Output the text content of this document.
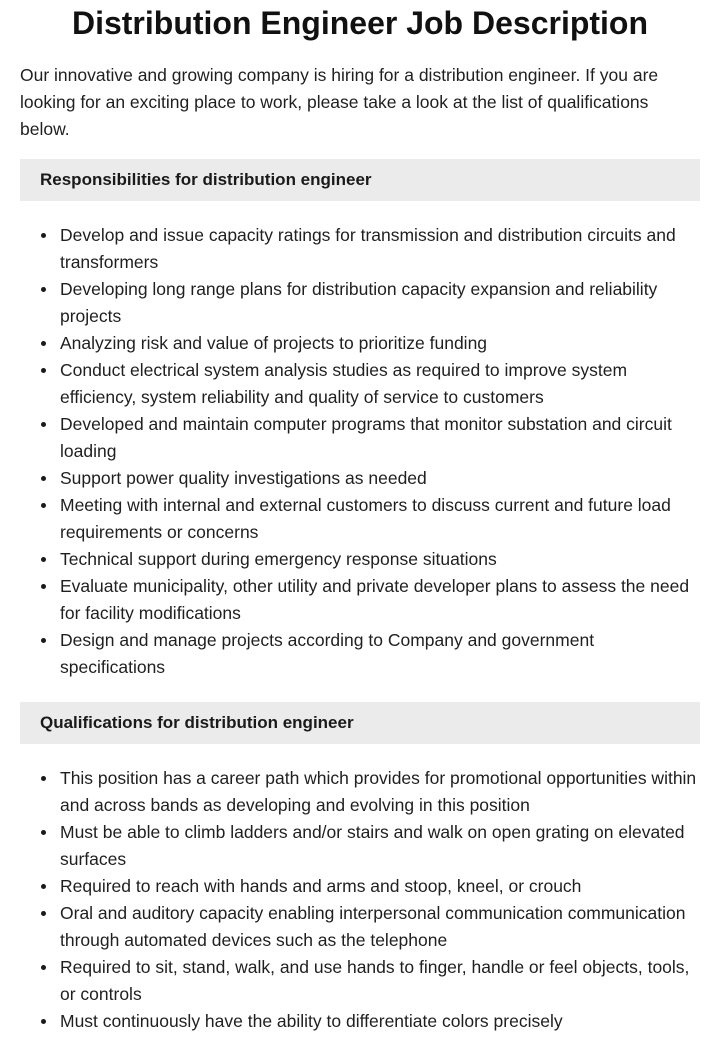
Distribution Engineer Job Description

Our innovative and growing company is hiring for a distribution engineer. If you are looking for an exciting place to work, please take a look at the list of qualifications below.

Responsibilities for distribution engineer
Develop and issue capacity ratings for transmission and distribution circuits and transformers
Developing long range plans for distribution capacity expansion and reliability projects
Analyzing risk and value of projects to prioritize funding
Conduct electrical system analysis studies as required to improve system efficiency, system reliability and quality of service to customers
Developed and maintain computer programs that monitor substation and circuit loading
Support power quality investigations as needed
Meeting with internal and external customers to discuss current and future load requirements or concerns
Technical support during emergency response situations
Evaluate municipality, other utility and private developer plans to assess the need for facility modifications
Design and manage projects according to Company and government specifications
Qualifications for distribution engineer
This position has a career path which provides for promotional opportunities within and across bands as developing and evolving in this position
Must be able to climb ladders and/or stairs and walk on open grating on elevated surfaces
Required to reach with hands and arms and stoop, kneel, or crouch
Oral and auditory capacity enabling interpersonal communication communication through automated devices such as the telephone
Required to sit, stand, walk, and use hands to finger, handle or feel objects, tools, or controls
Must continuously have the ability to differentiate colors precisely
